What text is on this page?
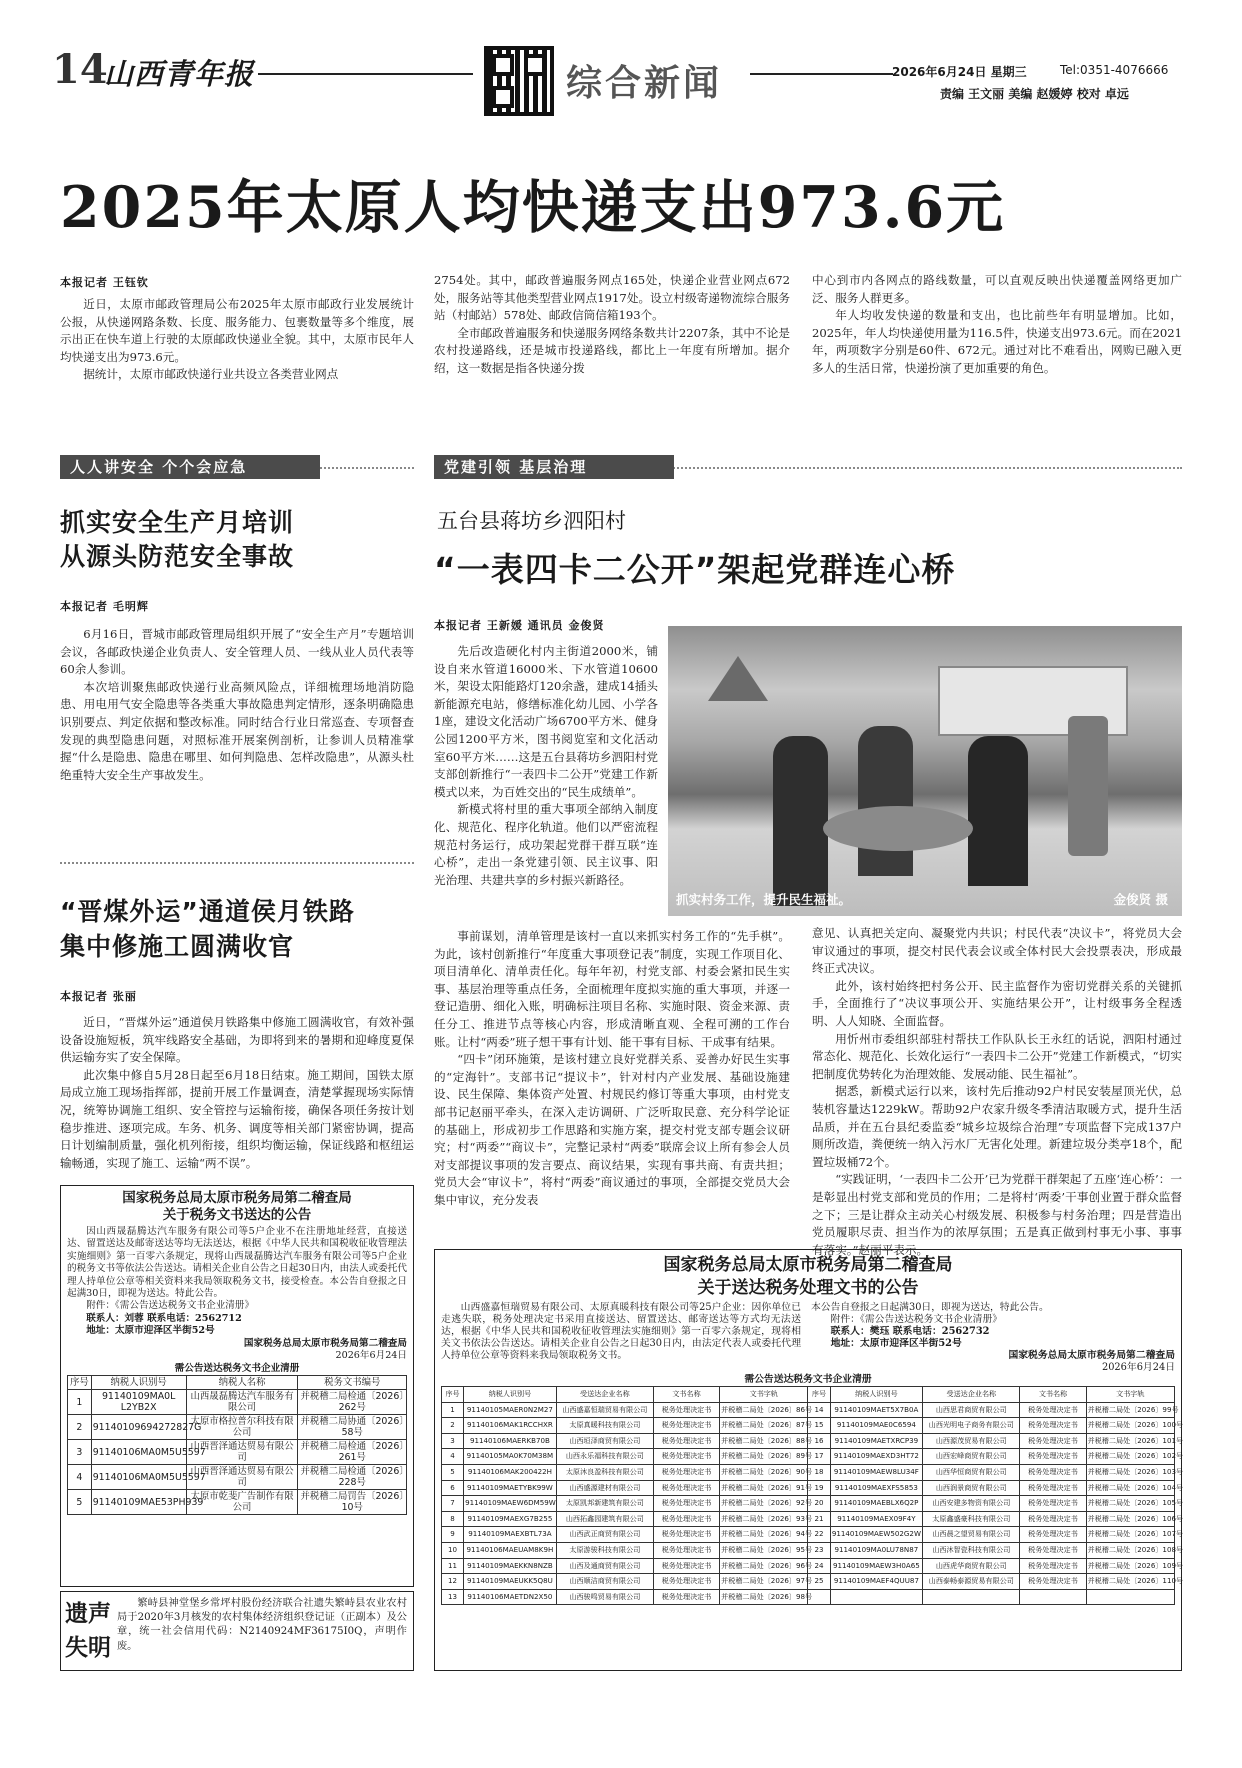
14
山西青年报	综合新闻	2026年6月24日 星期三	Tel:0351-4076666
责编 王文丽 美编 赵媛婷 校对 卓远
2025年太原人均快递支出973.6元
本报记者 王钰钦

近日，太原市邮政管理局公布2025年太原市邮政行业发展统计公报，从快递网路条数、长度、服务能力、包裹数量等多个维度，展示出正在快车道上行驶的太原邮政快递业全貌。其中，太原市民年人均快递支出为973.6元。

据统计，太原市邮政快递行业共设立各类营业网点

2754处。其中，邮政普遍服务网点165处，快递企业营业网点672处，服务站等其他类型营业网点1917处。设立村级寄递物流综合服务站（村邮站）578处、邮政信筒信箱193个。

全市邮政普遍服务和快递服务网络条数共计2207条，其中不论是农村投递路线，还是城市投递路线，都比上一年度有所增加。据介绍，这一数据是指各快递分拨

中心到市内各网点的路线数量，可以直观反映出快递覆盖网络更加广泛、服务人群更多。

年人均收发快递的数量和支出，也比前些年有明显增加。比如，2025年，年人均快递使用量为116.5件，快递支出973.6元。而在2021年，两项数字分别是60件、672元。通过对比不难看出，网购已融入更多人的生活日常，快递扮演了更加重要的角色。

人人讲安全 个个会应急
抓实安全生产月培训
从源头防范安全事故
本报记者 毛明辉

6月16日，晋城市邮政管理局组织开展了“安全生产月”专题培训会议，各邮政快递企业负责人、安全管理人员、一线从业人员代表等60余人参训。

本次培训聚焦邮政快递行业高频风险点，详细梳理场地消防隐患、用电用气安全隐患等各类重大事故隐患判定情形，逐条明确隐患识别要点、判定依据和整改标准。同时结合行业日常巡查、专项督查发现的典型隐患问题，对照标准开展案例剖析，让参训人员精准掌握“什么是隐患、隐患在哪里、如何判隐患、怎样改隐患”，从源头杜绝重特大安全生产事故发生。

“晋煤外运”通道侯月铁路
集中修施工圆满收官
本报记者 张丽

近日，“晋煤外运”通道侯月铁路集中修施工圆满收官，有效补强设备设施短板，筑牢线路安全基础，为即将到来的暑期和迎峰度夏保供运输夯实了安全保障。

此次集中修自5月28日起至6月18日结束。施工期间，国铁太原局成立施工现场指挥部，提前开展工作量调查，清楚掌握现场实际情况，统筹协调施工组织、安全管控与运输衔接，确保各项任务按计划稳步推进、逐项完成。车务、机务、调度等相关部门紧密协调，提高日计划编制质量，强化机列衔接，组织均衡运输，保证线路和枢纽运输畅通，实现了施工、运输“两不误”。

国家税务总局太原市税务局第二稽查局
关于税务文书送达的公告

因山西晟磊腾达汽车服务有限公司等5户企业不在注册地址经营，直接送达、留置送达及邮寄送达等均无法送达，根据《中华人民共和国税收征收管理法实施细则》第一百零六条规定，现将山西晟磊腾达汽车服务有限公司等5户企业的税务文书等依法公告送达。请相关企业自公告之日起30日内，由法人或委托代理人持单位公章等相关资料来我局领取税务文书，接受检查。本公告自登报之日起满30日，即视为送达。特此公告。

附件：《需公告送达税务文书企业清册》
联系人：刘蓉 联系电话：2562712
地址：太原市迎泽区半街52号
国家税务总局太原市税务局第二稽查局
2026年6月24日
需公告送达税务文书企业清册
序号	纳税人识别号	纳税人名称	税务文书编号
1	91140109MA0L L2YB2X	山西晟磊腾达汽车服务有限公司	并税稽二局检通〔2026〕262号
2	91140109694272827G	太原市格拉普尔科技有限公司	并税稽二局协通〔2026〕58号
3	91140106MA0M5U5597	山西晋泽通达贸易有限公司	并税稽二局检通〔2026〕261号
4	91140106MA0M5U5597	山西晋泽通达贸易有限公司	并税稽二局检通〔2026〕228号
5	91140109MAE53PH939	太原市乾斐广告制作有限公司	并税稽二局罚告〔2026〕10号
遗声失明

繁峙县神堂堡乡常坪村股份经济联合社遗失繁峙县农业农村局于2020年3月核发的农村集体经济组织登记证（正副本）及公章，统一社会信用代码：N2140924MF36175I0Q，声明作废。

党建引领 基层治理
五台县蒋坊乡泗阳村
“一表四卡二公开”架起党群连心桥
本报记者 王新媛 通讯员 金俊贤
抓实村务工作，提升民生福祉。	金俊贤 摄

先后改造硬化村内主街道2000米，铺设自来水管道16000米、下水管道10600米，架设太阳能路灯120余盏，建成14插头新能源充电站，修缮标准化幼儿园、小学各1座，建设文化活动广场6700平方米、健身公园1200平方米，图书阅览室和文化活动室60平方米……这是五台县蒋坊乡泗阳村党支部创新推行“一表四卡二公开”党建工作新模式以来，为百姓交出的“民生成绩单”。

新模式将村里的重大事项全部纳入制度化、规范化、程序化轨道。他们以严密流程规范村务运行，成功架起党群干群互联“连心桥”，走出一条党建引领、民主议事、阳光治理、共建共享的乡村振兴新路径。

事前谋划，清单管理是该村一直以来抓实村务工作的“先手棋”。为此，该村创新推行“年度重大事项登记表”制度，实现工作项目化、项目清单化、清单责任化。每年年初，村党支部、村委会紧扣民生实事、基层治理等重点任务，全面梳理年度拟实施的重大事项，并逐一登记造册、细化入账，明确标注项目名称、实施时限、资金来源、责任分工、推进节点等核心内容，形成清晰直观、全程可溯的工作台账。让村“两委”班子想干事有计划、能干事有目标、干成事有结果。

“四卡”闭环施策，是该村建立良好党群关系、妥善办好民生实事的“定海针”。支部书记“提议卡”，针对村内产业发展、基础设施建设、民生保障、集体资产处置、村规民约修订等重大事项，由村党支部书记赵丽平牵头，在深入走访调研、广泛听取民意、充分科学论证的基础上，形成初步工作思路和实施方案，提交村党支部专题会议研究；村“两委”“商议卡”，完整记录村“两委”联席会议上所有参会人员对支部提议事项的发言要点、商议结果，实现有事共商、有责共担；党员大会“审议卡”，将村“两委”商议通过的事项，全部提交党员大会集中审议，充分发表

意见、认真把关定向、凝聚党内共识；村民代表“决议卡”，将党员大会审议通过的事项，提交村民代表会议或全体村民大会投票表决，形成最终正式决议。

此外，该村始终把村务公开、民主监督作为密切党群关系的关键抓手，全面推行了“决议事项公开、实施结果公开”，让村级事务全程透明、人人知晓、全面监督。

用忻州市委组织部驻村帮扶工作队队长王永红的话说，泗阳村通过常态化、规范化、长效化运行“一表四卡二公开”党建工作新模式，“切实把制度优势转化为治理效能、发展动能、民生福祉”。

据悉，新模式运行以来，该村先后推动92户村民安装屋顶光伏，总装机容量达1229kW。帮助92户农家升级冬季清洁取暖方式，提升生活品质，并在五台县纪委监委“城乡垃圾综合治理”专项监督下完成137户厕所改造，粪便统一纳入污水厂无害化处理。新建垃圾分类亭18个，配置垃圾桶72个。

“实践证明，‘一表四卡二公开’已为党群干群架起了五座‘连心桥’：一是彰显出村党支部和党员的作用；二是将村‘两委’干事创业置于群众监督之下；三是让群众主动关心村级发展、积极参与村务治理；四是营造出党员履职尽责、担当作为的浓厚氛围；五是真正做到村事无小事、事事有落实。”赵丽平表示。

国家税务总局太原市税务局第二稽查局
关于送达税务处理文书的公告

山西盛嘉恒瑞贸易有限公司、太原真暖科技有限公司等25户企业：因你单位已走逃失联，税务处理决定书采用直接送达、留置送达、邮寄送达等方式均无法送达，根据《中华人民共和国税收征收管理法实施细则》第一百零六条规定，现将相关文书依法公告送达。请相关企业自公告之日起30日内，由法定代表人或委托代理人持单位公章等资料来我局领取税务文书。

本公告自登报之日起满30日，即视为送达，特此公告。
附件：《需公告送达税务文书企业清册》
联系人：樊珏 联系电话：2562732
地址：太原市迎泽区半街52号
国家税务总局太原市税务局第二稽查局
2026年6月24日
需公告送达税务文书企业清册
序号	纳税人识别号	受送达企业名称	文书名称	文书字轨	序号	纳税人识别号	受送达企业名称	文书名称	文书字轨
1	91140105MAER0N2M27	山西盛嘉恒瑞贸易有限公司	税务处理决定书	并税稽二局处〔2026〕86号	14	91140109MAET5X7B0A	山西思君商贸有限公司	税务处理决定书	并税稽二局处〔2026〕99号
2	91140106MAK1RCCHXR	太原真暖科技有限公司	税务处理决定书	并税稽二局处〔2026〕87号	15	91140109MAE0C6594	山西光明电子商务有限公司	税务处理决定书	并税稽二局处〔2026〕100号
3	91140106MAERKB70B	山西垣泽商贸有限公司	税务处理决定书	并税稽二局处〔2026〕88号	16	91140109MAETXRCP39	山西源茂贸易有限公司	税务处理决定书	并税稽二局处〔2026〕101号
4	91140105MA0K70M38M	山西永乐福科技有限公司	税务处理决定书	并税稽二局处〔2026〕89号	17	91140109MAEXD3HT72	山西宏峰商贸有限公司	税务处理决定书	并税稽二局处〔2026〕102号
5	91140106MAK200422H	太原沐良盈科技有限公司	税务处理决定书	并税稽二局处〔2026〕90号	18	91140109MAEW8LU34F	山西华恒商贸有限公司	税务处理决定书	并税稽二局处〔2026〕103号
6	91140109MAETYBK99W	山西盛源建材有限公司	税务处理决定书	并税稽二局处〔2026〕91号	19	91140109MAEXFS5853	山西润景商贸有限公司	税务处理决定书	并税稽二局处〔2026〕104号
7	91140109MAEW6DM59W	太原凯邦新建筑有限公司	税务处理决定书	并税稽二局处〔2026〕92号	20	91140109MAEBLX6Q2P	山西安建多物资有限公司	税务处理决定书	并税稽二局处〔2026〕105号
8	91140109MAEXG7B255	山西拓鑫园建筑有限公司	税务处理决定书	并税稽二局处〔2026〕93号	21	91140109MAEX09F4Y	太原鑫盛豪科技有限公司	税务处理决定书	并税稽二局处〔2026〕106号
9	91140109MAEXBTL73A	山西武正商贸有限公司	税务处理决定书	并税稽二局处〔2026〕94号	22	91140109MAEW502G2W	山西晨之望贸易有限公司	税务处理决定书	并税稽二局处〔2026〕107号
10	91140106MAEUAM8K9H	太原游骏科技有限公司	税务处理决定书	并税稽二局处〔2026〕95号	23	91140109MA0LU78N87	山西沐智瓷科技有限公司	税务处理决定书	并税稽二局处〔2026〕108号
11	91140109MAEKKN8NZB	山西及通商贸有限公司	税务处理决定书	并税稽二局处〔2026〕96号	24	91140109MAEW3H0A65	山西虎华商贸有限公司	税务处理决定书	并税稽二局处〔2026〕109号
12	91140109MAEUKK5Q8U	山西顺洁商贸有限公司	税务处理决定书	并税稽二局处〔2026〕97号	25	91140109MAEF4QUU87	山西泰畅泰源贸易有限公司	税务处理决定书	并税稽二局处〔2026〕110号
13	91140106MAETDN2X50	山西骏鸣贸易有限公司	税务处理决定书	并税稽二局处〔2026〕98号					
